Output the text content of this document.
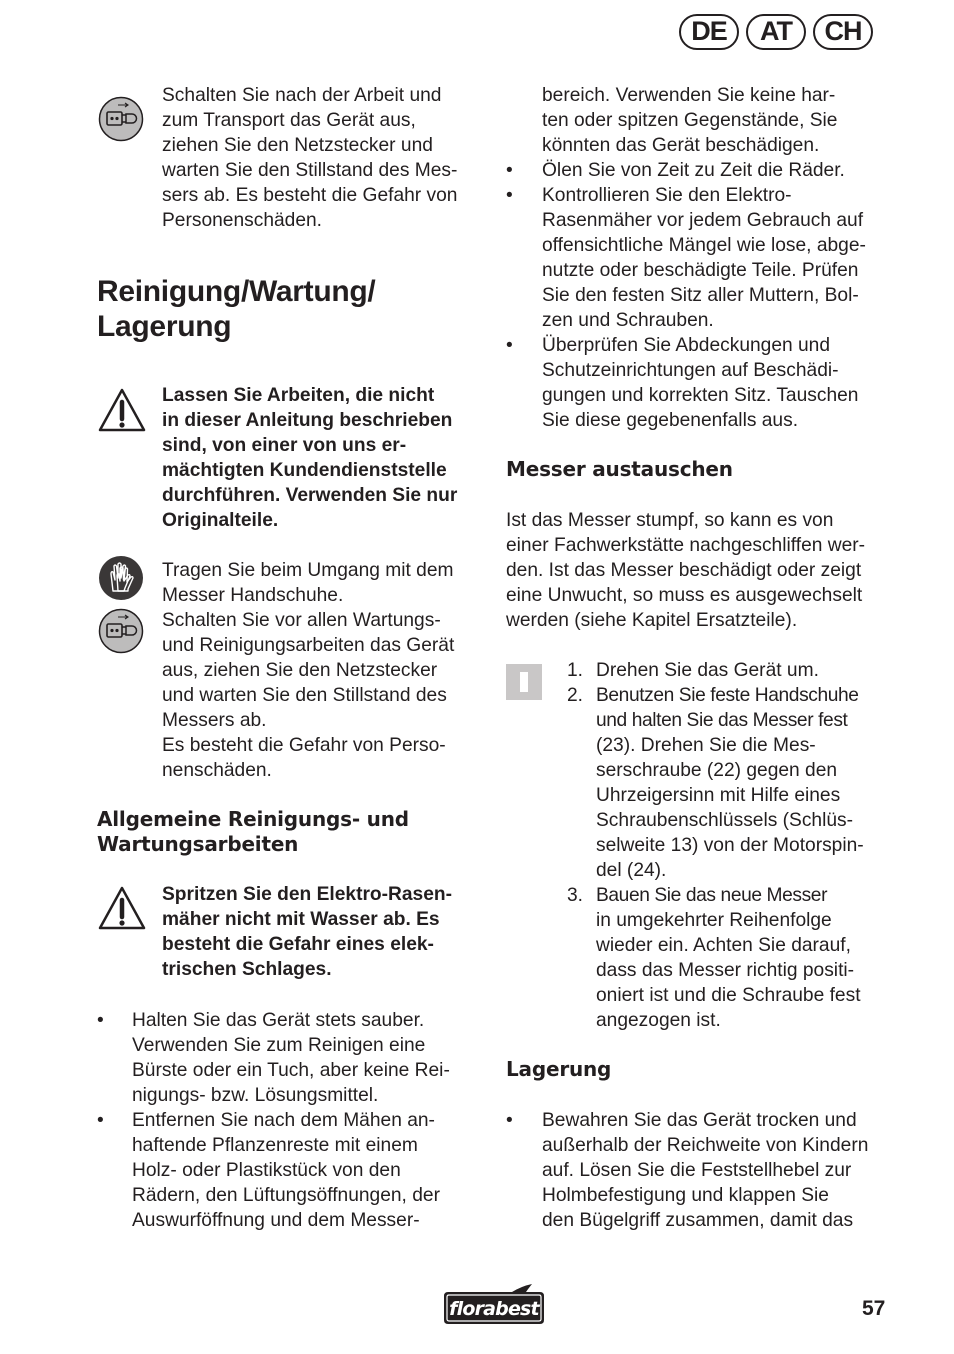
DE	AT	CH
Schalten Sie nach der Arbeit und
zum Transport das Gerät aus,
ziehen Sie den Netzstecker und
warten Sie den Stillstand des Mes-
sers ab. Es besteht die Gefahr von
Personenschäden.
Reinigung/Wartung/
Lagerung
Lassen Sie Arbeiten, die nicht
in dieser Anleitung beschrieben
sind, von einer von uns er-
mächtigten Kundendienststelle
durchführen. Verwenden Sie nur
Originalteile.
Tragen Sie beim Umgang mit dem
Messer Handschuhe.
Schalten Sie vor allen Wartungs-
und Reinigungsarbeiten das Gerät
aus, ziehen Sie den Netzstecker
und warten Sie den Stillstand des
Messers ab.
Es besteht die Gefahr von Perso-
nenschäden.
Allgemeine Reinigungs- und
Wartungsarbeiten
Spritzen Sie den Elektro-Rasen-
mäher nicht mit Wasser ab. Es
besteht die Gefahr eines elek-
trischen Schlages.
• Halten Sie das Gerät stets sauber.
Verwenden Sie zum Reinigen eine
Bürste oder ein Tuch, aber keine Rei-
nigungs- bzw. Lösungsmittel.
• Entfernen Sie nach dem Mähen an-
haftende Pflanzenreste mit einem
Holz- oder Plastikstück von den
Rädern, den Lüftungsöffnungen, der
Auswurföffnung und dem Messer-
bereich. Verwenden Sie keine har-
ten oder spitzen Gegenstände, Sie
könnten das Gerät beschädigen.
• Ölen Sie von Zeit zu Zeit die Räder.
• Kontrollieren Sie den Elektro-
Rasenmäher vor jedem Gebrauch auf
offensichtliche Mängel wie lose, abge-
nutzte oder beschädigte Teile. Prüfen
Sie den festen Sitz aller Muttern, Bol-
zen und Schrauben.
• Überprüfen Sie Abdeckungen und
Schutzeinrichtungen auf Beschädi-
gungen und korrekten Sitz. Tauschen
Sie diese gegebenenfalls aus.
Messer austauschen
Ist das Messer stumpf, so kann es von
einer Fachwerkstätte nachgeschliffen wer-
den. Ist das Messer beschädigt oder zeigt
eine Unwucht, so muss es ausgewechselt
werden (siehe Kapitel Ersatzteile).
1. Drehen Sie das Gerät um.
2. Benutzen Sie feste Handschuhe
und halten Sie das Messer fest
(23). Drehen Sie die Mes-
serschraube (22) gegen den
Uhrzeigersinn mit Hilfe eines
Schraubenschlüssels (Schlüs-
selweite 13) von der Motorspin-
del (24).
3. Bauen Sie das neue Messer
in umgekehrter Reihenfolge
wieder ein. Achten Sie darauf,
dass das Messer richtig positi-
oniert ist und die Schraube fest
angezogen ist.
Lagerung
• Bewahren Sie das Gerät trocken und
außerhalb der Reichweite von Kindern
auf. Lösen Sie die Feststellhebel zur
Holmbefestigung und klappen Sie
den Bügelgriff zusammen, damit das
florabest	57
